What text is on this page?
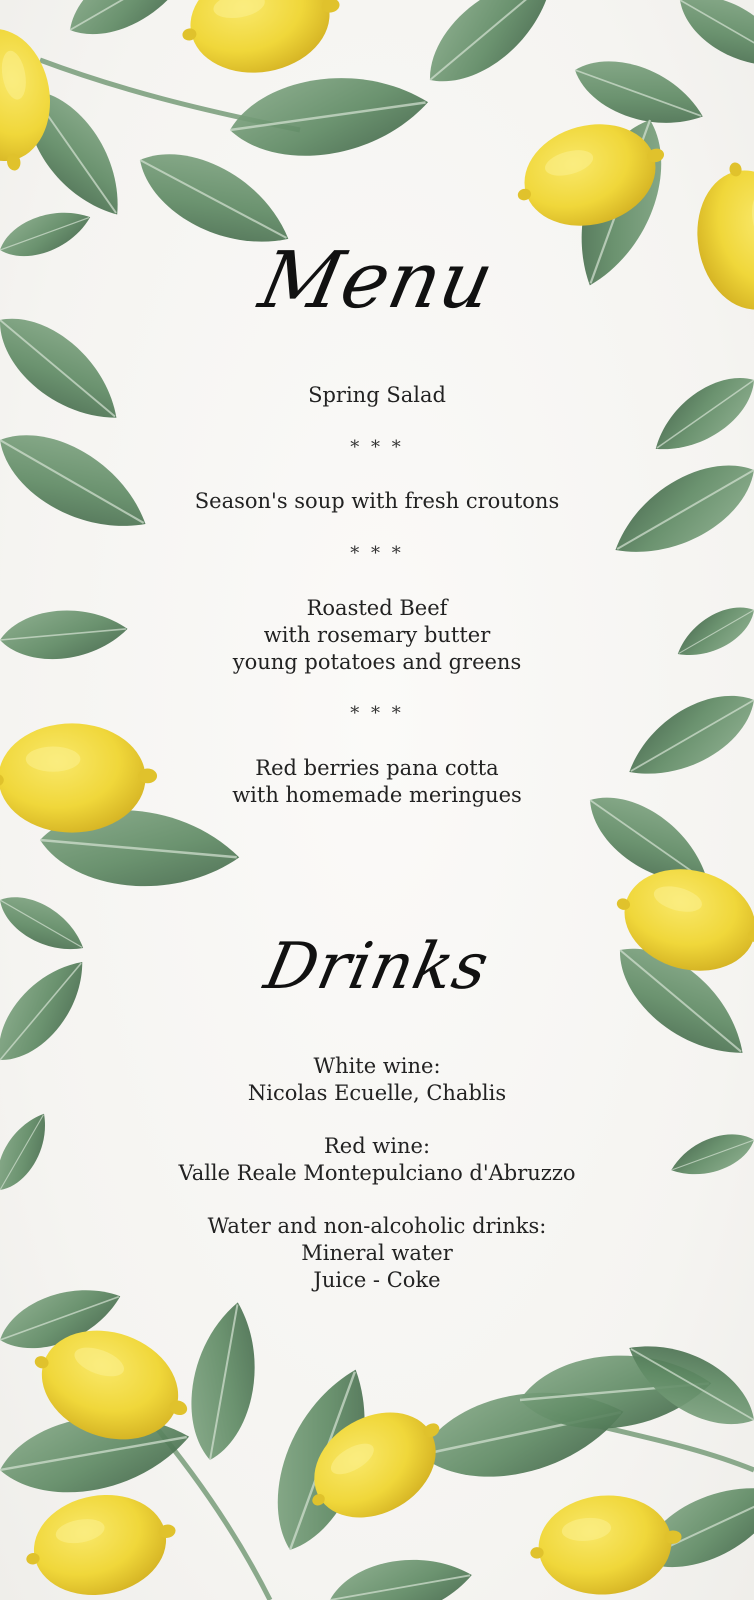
Menu
Spring Salad
* * *
Season's soup with fresh croutons
* * *
Roasted Beef
with rosemary butter
young potatoes and greens
* * *
Red berries pana cotta
with homemade meringues
Drinks
White wine:
Nicolas Ecuelle, Chablis
Red wine:
Valle Reale Montepulciano d'Abruzzo
Water and non-alcoholic drinks:
Mineral water
Juice - Coke
